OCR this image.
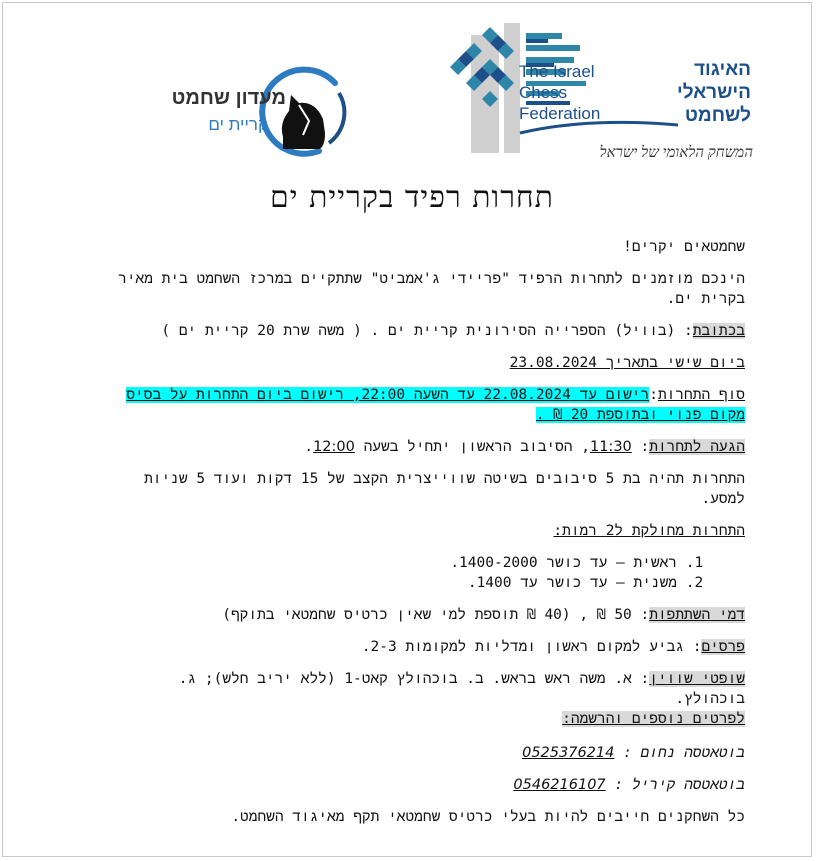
The Israel
Chess
Federation
האיגוד
הישראלי
לשחמט
המשחק הלאומי של ישראל
מעדון שחמט
קריית ים
תחרות רפיד בקריית ים

שחמטאים יקרים!

הינכם מוזמנים לתחרות הרפיד "פריידי ג'אמביט" שתתקיים במרכז השחמט בית מאיר בקרית ים.

בכתובת: (בוויל) הספרייה הסירונית קריית ים . ( משה שרת 20 קריית ים )

ביום שישי בתאריך 23.08.2024

סוף התחרות:רישום עד 22.08.2024 עד השעה 22:00, רישום ביום התחרות על בסיס מקום פנוי ובתוספת 20 ₪ .

הגעה לתחרות: 11:30, הסיבוב הראשון יתחיל בשעה 12:00.

התחרות תהיה בת 5 סיבובים בשיטה שווייצרית הקצב של 15 דקות ועוד 5 שניות למסע.

התחרות מחולקת ל2 רמות:

1. ראשית – עד כושר 1400-2000.
2. משנית – עד כושר עד 1400.

דמי השתתפות: 50 ₪ , (40 ₪ תוספת למי שאין כרטיס שחמטאי בתוקף)

פרסים: גביע למקום ראשון ומדליות למקומות 2-3.

שופטי שווין: א. משה ראש בראש. ב. בוכהולץ קאט-1 (ללא יריב חלש); ג. בוכהולץ.

לפרטים נוספים והרשמה:

בוטאטסה נחום : 0525376214

בוטאטסה קיריל : 0546216107

כל השחקנים חייבים להיות בעלי כרטיס שחמטאי תקף מאיגוד השחמט.
